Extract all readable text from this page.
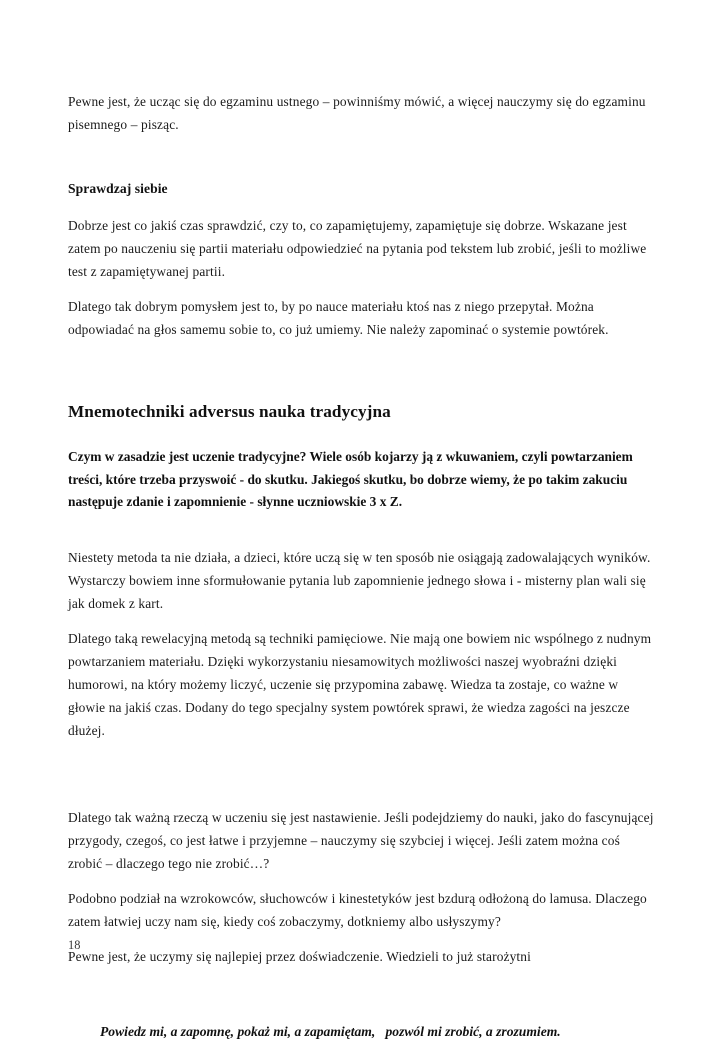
Pewne jest, że ucząc się do egzaminu ustnego – powinniśmy mówić, a więcej nauczymy się do egzaminu pisemnego – pisząc.

Sprawdzaj siebie

Dobrze jest co jakiś czas sprawdzić, czy to, co zapamiętujemy, zapamiętuje się dobrze. Wskazane jest zatem po nauczeniu się partii materiału odpowiedzieć na pytania pod tekstem lub zrobić, jeśli to możliwe test z zapamiętywanej partii.

Dlatego tak dobrym pomysłem jest to, by po nauce materiału ktoś nas z niego przepytał. Można odpowiadać na głos samemu sobie to, co już umiemy. Nie należy zapominać o systemie powtórek.

Mnemotechniki adversus nauka tradycyjna

Czym w zasadzie jest uczenie tradycyjne? Wiele osób kojarzy ją z wkuwaniem, czyli powtarzaniem treści, które trzeba przyswoić - do skutku. Jakiegoś skutku, bo dobrze wiemy, że po takim zakuciu następuje zdanie i zapomnienie - słynne uczniowskie 3 x Z.

Niestety metoda ta nie działa, a dzieci, które uczą się w ten sposób nie osiągają zadowalających wyników. Wystarczy bowiem inne sformułowanie pytania lub zapomnienie jednego słowa i - misterny plan wali się jak domek z kart.

Dlatego taką rewelacyjną metodą są techniki pamięciowe. Nie mają one bowiem nic wspólnego z nudnym powtarzaniem materiału. Dzięki wykorzystaniu niesamowitych możliwości naszej wyobraźni dzięki humorowi, na który możemy liczyć, uczenie się przypomina zabawę. Wiedza ta zostaje, co ważne w głowie na jakiś czas. Dodany do tego specjalny system powtórek sprawi, że wiedza zagości na jeszcze dłużej.

Dlatego tak ważną rzeczą w uczeniu się jest nastawienie. Jeśli podejdziemy do nauki, jako do fascynującej przygody, czegoś, co jest łatwe i przyjemne – nauczymy się szybciej i więcej. Jeśli zatem można coś zrobić – dlaczego tego nie zrobić…?

Podobno podział na wzrokowców, słuchowców i kinestetyków jest bzdurą odłożoną do lamusa. Dlaczego zatem łatwiej uczy nam się, kiedy coś zobaczymy, dotkniemy albo usłyszymy?

Pewne jest, że uczymy się najlepiej przez doświadczenie. Wiedzieli to już starożytni

Powiedz mi, a zapomnę, pokaż mi, a zapamiętam,   pozwól mi zrobić, a zrozumiem.

18
